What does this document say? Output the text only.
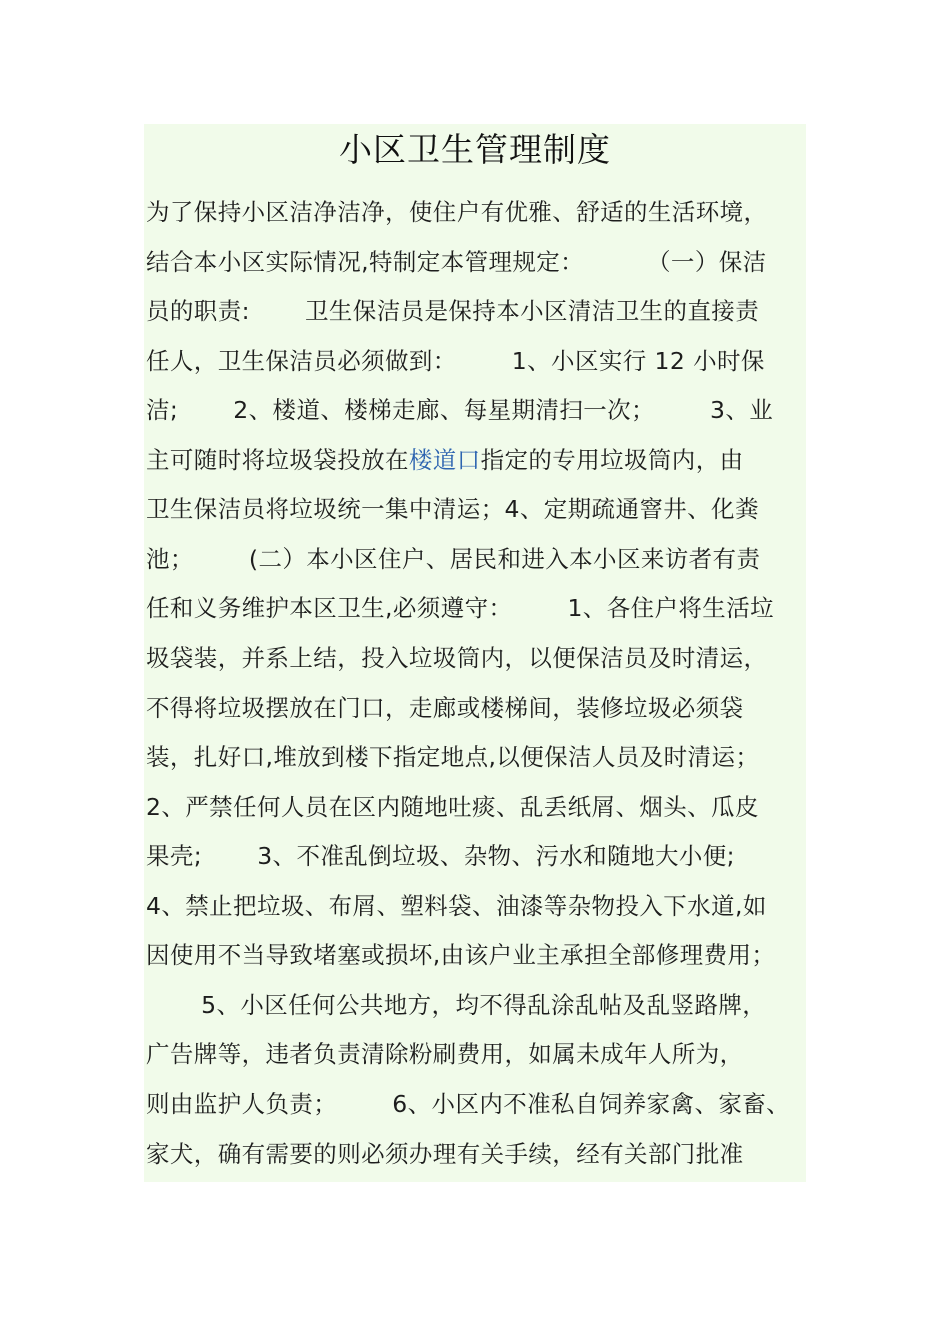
小区卫生管理制度
为了保持小区洁净洁净，使住户有优雅、舒适的生活环境，
结合本小区实际情况,特制定本管理规定：        （一）保洁
员的职责:       卫生保洁员是保持本小区清洁卫生的直接责
任人，卫生保洁员必须做到：       1、小区实行 12 小时保
洁;       2、楼道、楼梯走廊、每星期清扫一次；       3、业
主可随时将垃圾袋投放在楼道口指定的专用垃圾筒内，由
卫生保洁员将垃圾统一集中清运；4、定期疏通窨井、化粪
池；       (二）本小区住户、居民和进入本小区来访者有责
任和义务维护本区卫生,必须遵守：       1、各住户将生活垃
圾袋装，并系上结，投入垃圾筒内，以便保洁员及时清运，
不得将垃圾摆放在门口，走廊或楼梯间，装修垃圾必须袋
装，扎好口,堆放到楼下指定地点,以便保洁人员及时清运；
2、严禁任何人员在区内随地吐痰、乱丢纸屑、烟头、瓜皮
果壳;       3、不准乱倒垃圾、杂物、污水和随地大小便;
4、禁止把垃圾、布屑、塑料袋、油漆等杂物投入下水道,如
因使用不当导致堵塞或损坏,由该户业主承担全部修理费用；
5、小区任何公共地方，均不得乱涂乱帖及乱竖路牌，
广告牌等，违者负责清除粉刷费用，如属未成年人所为，
则由监护人负责；       6、小区内不准私自饲养家禽、家畜、
家犬，确有需要的则必须办理有关手续，经有关部门批准
